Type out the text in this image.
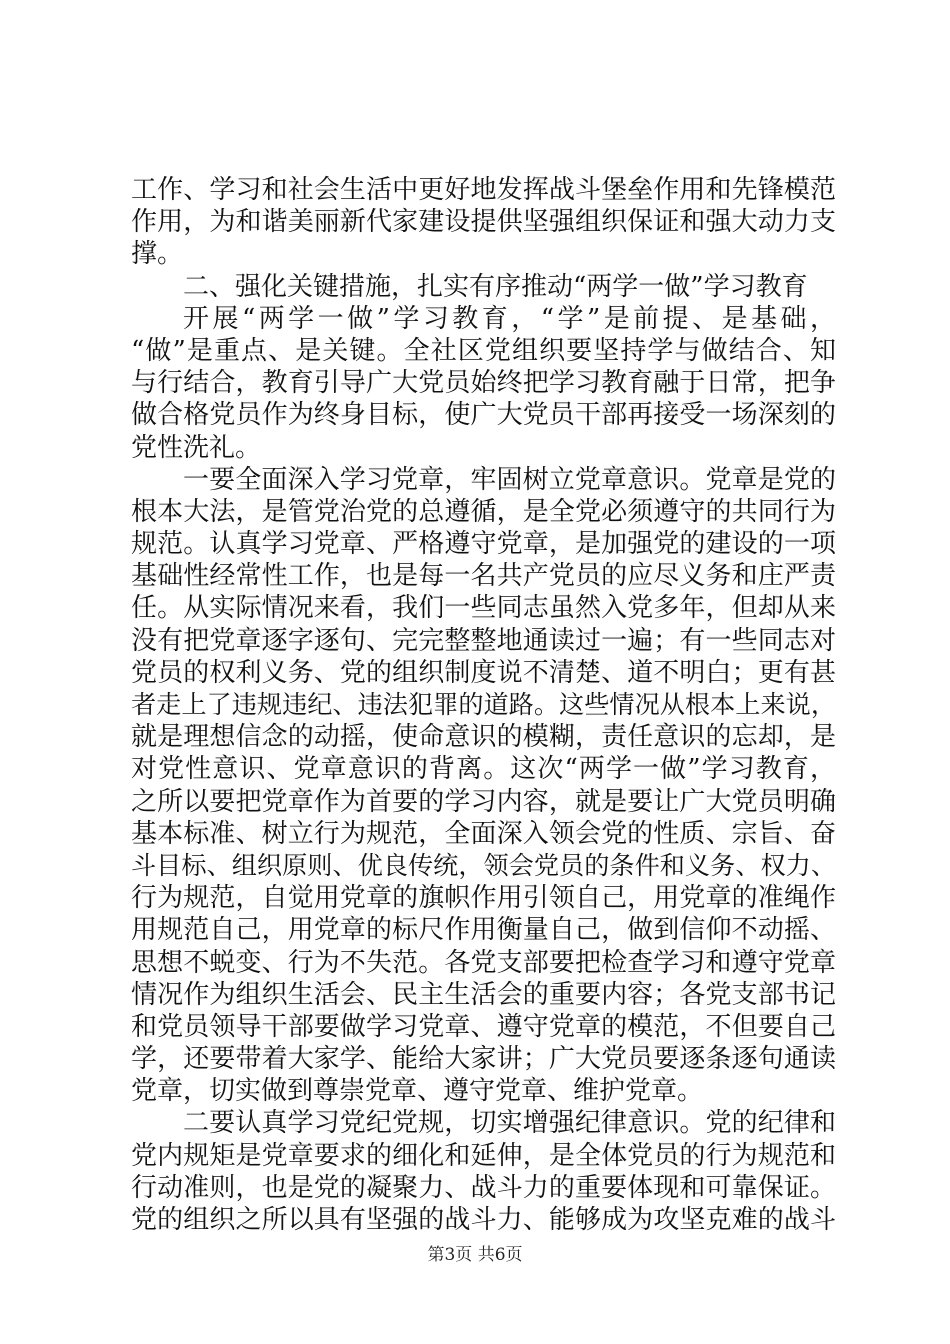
工作、学习和社会生活中更好地发挥战斗堡垒作用和先锋模范
作用，为和谐美丽新代家建设提供坚强组织保证和强大动力支
撑。
二、强化关键措施，扎实有序推动“两学一做”学习教育
开展“两学一做”学习教育，“学”是前提、是基础，
“做”是重点、是关键。全社区党组织要坚持学与做结合、知
与行结合，教育引导广大党员始终把学习教育融于日常，把争
做合格党员作为终身目标，使广大党员干部再接受一场深刻的
党性洗礼。
一要全面深入学习党章，牢固树立党章意识。党章是党的
根本大法，是管党治党的总遵循，是全党必须遵守的共同行为
规范。认真学习党章、严格遵守党章，是加强党的建设的一项
基础性经常性工作，也是每一名共产党员的应尽义务和庄严责
任。从实际情况来看，我们一些同志虽然入党多年，但却从来
没有把党章逐字逐句、完完整整地通读过一遍；有一些同志对
党员的权利义务、党的组织制度说不清楚、道不明白；更有甚
者走上了违规违纪、违法犯罪的道路。这些情况从根本上来说，
就是理想信念的动摇，使命意识的模糊，责任意识的忘却，是
对党性意识、党章意识的背离。这次“两学一做”学习教育，
之所以要把党章作为首要的学习内容，就是要让广大党员明确
基本标准、树立行为规范，全面深入领会党的性质、宗旨、奋
斗目标、组织原则、优良传统，领会党员的条件和义务、权力、
行为规范，自觉用党章的旗帜作用引领自己，用党章的准绳作
用规范自己，用党章的标尺作用衡量自己，做到信仰不动摇、
思想不蜕变、行为不失范。各党支部要把检查学习和遵守党章
情况作为组织生活会、民主生活会的重要内容；各党支部书记
和党员领导干部要做学习党章、遵守党章的模范，不但要自己
学，还要带着大家学、能给大家讲；广大党员要逐条逐句通读
党章，切实做到尊崇党章、遵守党章、维护党章。
二要认真学习党纪党规，切实增强纪律意识。党的纪律和
党内规矩是党章要求的细化和延伸，是全体党员的行为规范和
行动准则，也是党的凝聚力、战斗力的重要体现和可靠保证。
党的组织之所以具有坚强的战斗力、能够成为攻坚克难的战斗
第3页 共6页
